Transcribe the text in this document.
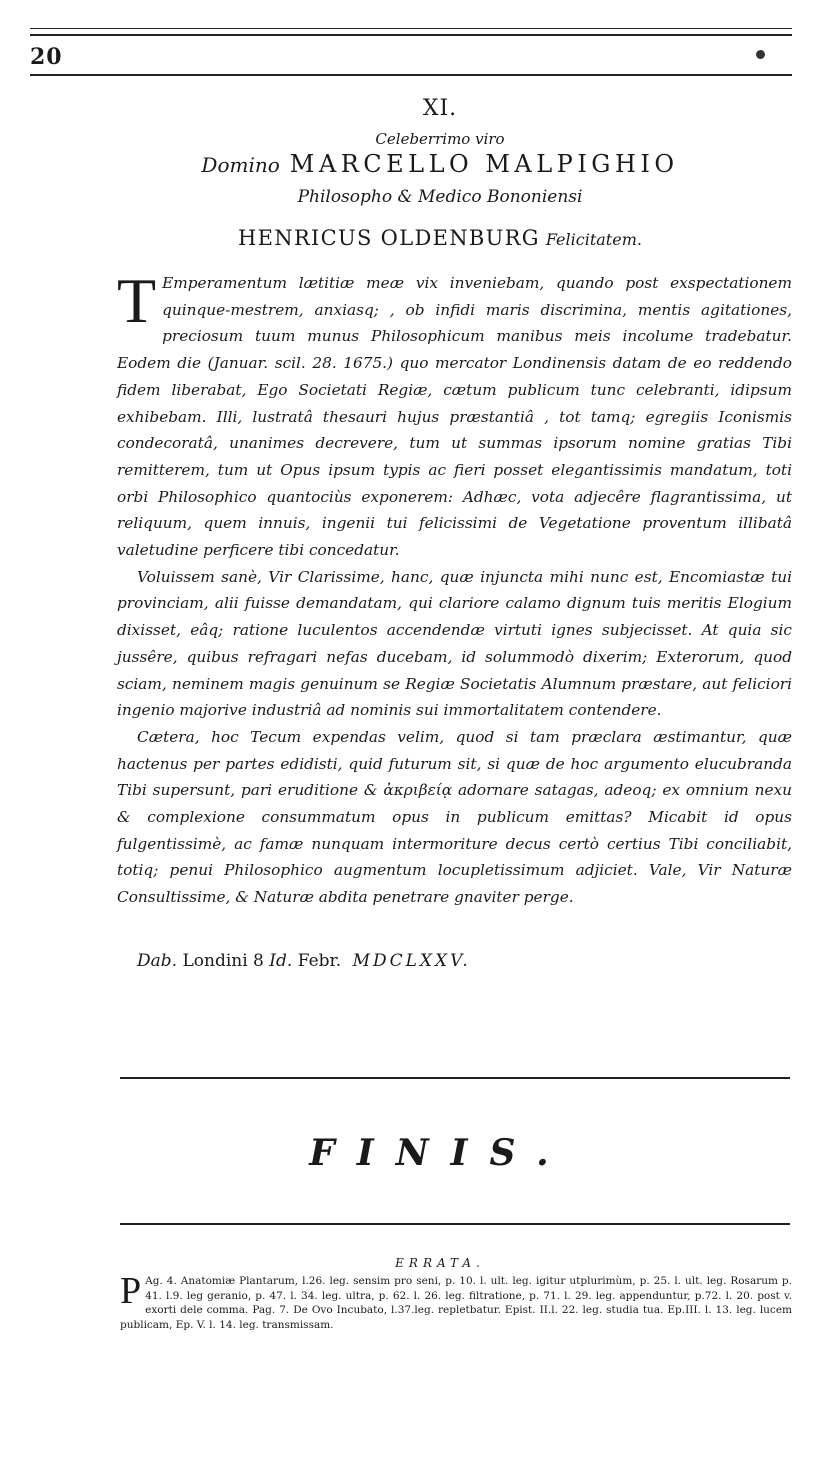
20
XI.
Celeberrimo viro
Domino MARCELLO MALPIGHIO
Philosopho & Medico Bononiensi
HENRICUS OLDENBURG Felicitatem.

T Emperamentum lætitiæ meæ vix inveniebam, quando post exspectationem quinque-mestrem, anxiasq; , ob infidi maris discrimina, mentis agitationes, preciosum tuum munus Philosophicum manibus meis incolume tradebatur. Eodem die (Januar. scil. 28. 1675.) quo mercator Londinensis datam de eo reddendo fidem liberabat, Ego Societati Regiæ, cætum publicum tunc celebranti, idipsum exhibebam. Illi, lustratâ thesauri hujus præstantiâ , tot tamq; egregiis Iconismis condecoratâ, unanimes decrevere, tum ut summas ipsorum nomine gratias Tibi remitterem, tum ut Opus ipsum typis ac fieri posset elegantissimis mandatum, toti orbi Philosophico quantociùs exponerem: Adhæc, vota adjecêre flagrantissima, ut reliquum, quem innuis, ingenii tui felicissimi de Vegetatione proventum illibatâ valetudine perficere tibi concedatur.

Voluissem sanè, Vir Clarissime, hanc, quæ injuncta mihi nunc est, Encomiastæ tui provinciam, alii fuisse demandatam, qui clariore calamo dignum tuis meritis Elogium dixisset, eâq; ratione luculentos accendendæ virtuti ignes subjecisset. At quia sic jussêre, quibus refragari nefas ducebam, id solummodò dixerim; Exterorum, quod sciam, neminem magis genuinum se Regiæ Societatis Alumnum præstare, aut feliciori ingenio majorive industriâ ad nominis sui immortalitatem contendere.

Cætera, hoc Tecum expendas velim, quod si tam præclara æstimantur, quæ hactenus per partes edidisti, quid futurum sit, si quæ de hoc argumento elucubranda Tibi supersunt, pari eruditione & ἀκριβείᾳ adornare satagas, adeoq; ex omnium nexu & complexione consummatum opus in publicum emittas? Micabit id opus fulgentissimè, ac famæ nunquam intermoriture decus certò certius Tibi conciliabit, totiq; penui Philosophico augmentum locupletissimum adjiciet. Vale, Vir Naturæ Consultissime, & Naturæ abdita penetrare gnaviter perge.

Dab. Londini 8 Id. Febr. MDCLXXV.
FINIS.
ERRATA.
P Ag. 4. Anatomiæ Plantarum, l.26. leg. sensim pro seni, p. 10. l. ult. leg. igitur utplurimùm, p. 25. l. ult. leg. Rosarum p. 41. l.9. leg geranio, p. 47. l. 34. leg. ultra, p. 62. l. 26. leg. filtratione, p. 71. l. 29. leg. appenduntur, p.72. l. 20. post v. exorti dele comma. Pag. 7. De Ovo Incubato, l.37.leg. repletbatur. Epist. II.l. 22. leg. studia tua. Ep.III. l. 13. leg. lucem publicam, Ep. V. l. 14. leg. transmissam.
